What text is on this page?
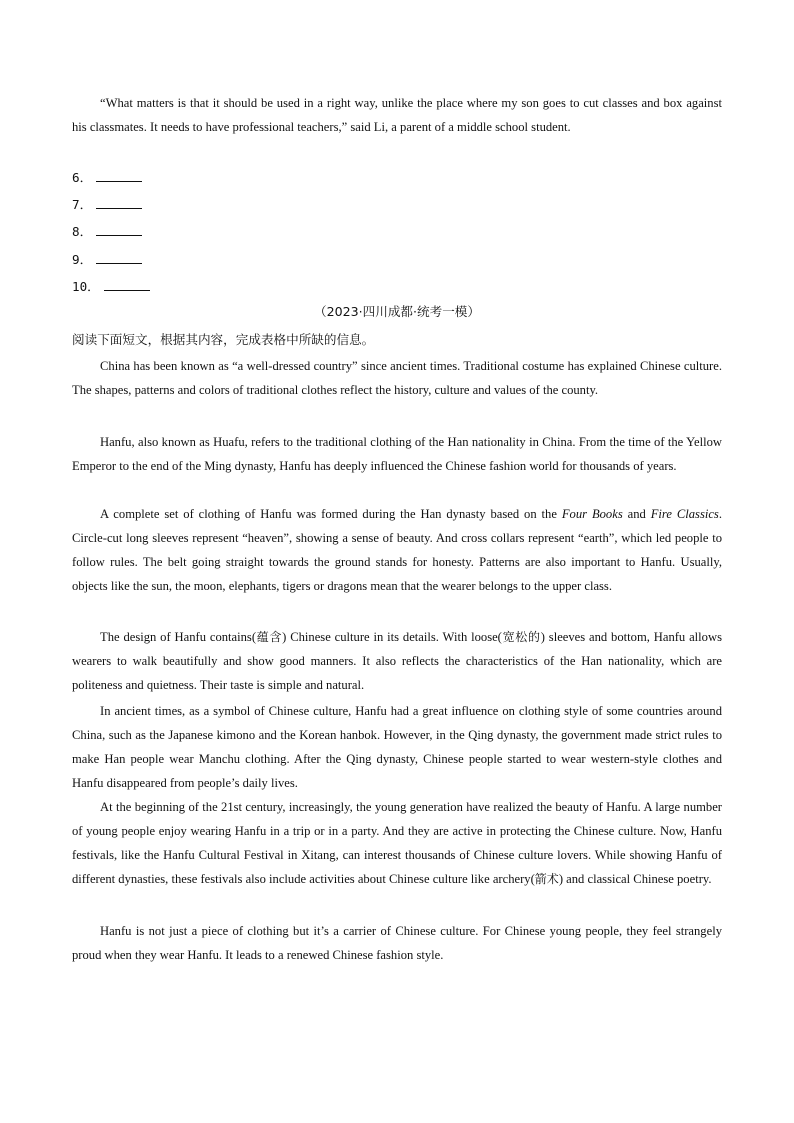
“What matters is that it should be used in a right way, unlike the place where my son goes to cut classes and box against his classmates. It needs to have professional teachers,” said Li, a parent of a middle school student.

6．
7．
8．
9．
10．
（2023·四川成都·统考一模）
阅读下面短文，根据其内容，完成表格中所缺的信息。

China has been known as “a well-dressed country” since ancient times. Traditional costume has explained Chinese culture. The shapes, patterns and colors of traditional clothes reflect the history, culture and values of the county.

Hanfu, also known as Huafu, refers to the traditional clothing of the Han nationality in China. From the time of the Yellow Emperor to the end of the Ming dynasty, Hanfu has deeply influenced the Chinese fashion world for thousands of years.

A complete set of clothing of Hanfu was formed during the Han dynasty based on the Four Books and Fire Classics. Circle-cut long sleeves represent “heaven”, showing a sense of beauty. And cross collars represent “earth”, which led people to follow rules. The belt going straight towards the ground stands for honesty. Patterns are also important to Hanfu. Usually, objects like the sun, the moon, elephants, tigers or dragons mean that the wearer belongs to the upper class.

The design of Hanfu contains(蕴含) Chinese culture in its details. With loose(宽松的) sleeves and bottom, Hanfu allows wearers to walk beautifully and show good manners. It also reflects the characteristics of the Han nationality, which are politeness and quietness. Their taste is simple and natural.

In ancient times, as a symbol of Chinese culture, Hanfu had a great influence on clothing style of some countries around China, such as the Japanese kimono and the Korean hanbok. However, in the Qing dynasty, the government made strict rules to make Han people wear Manchu clothing. After the Qing dynasty, Chinese people started to wear western-style clothes and Hanfu disappeared from people’s daily lives.

At the beginning of the 21st century, increasingly, the young generation have realized the beauty of Hanfu. A large number of young people enjoy wearing Hanfu in a trip or in a party. And they are active in protecting the Chinese culture. Now, Hanfu festivals, like the Hanfu Cultural Festival in Xitang, can interest thousands of Chinese culture lovers. While showing Hanfu of different dynasties, these festivals also include activities about Chinese culture like archery(箭术) and classical Chinese poetry.

Hanfu is not just a piece of clothing but it’s a carrier of Chinese culture. For Chinese young people, they feel strangely proud when they wear Hanfu. It leads to a renewed Chinese fashion style.
